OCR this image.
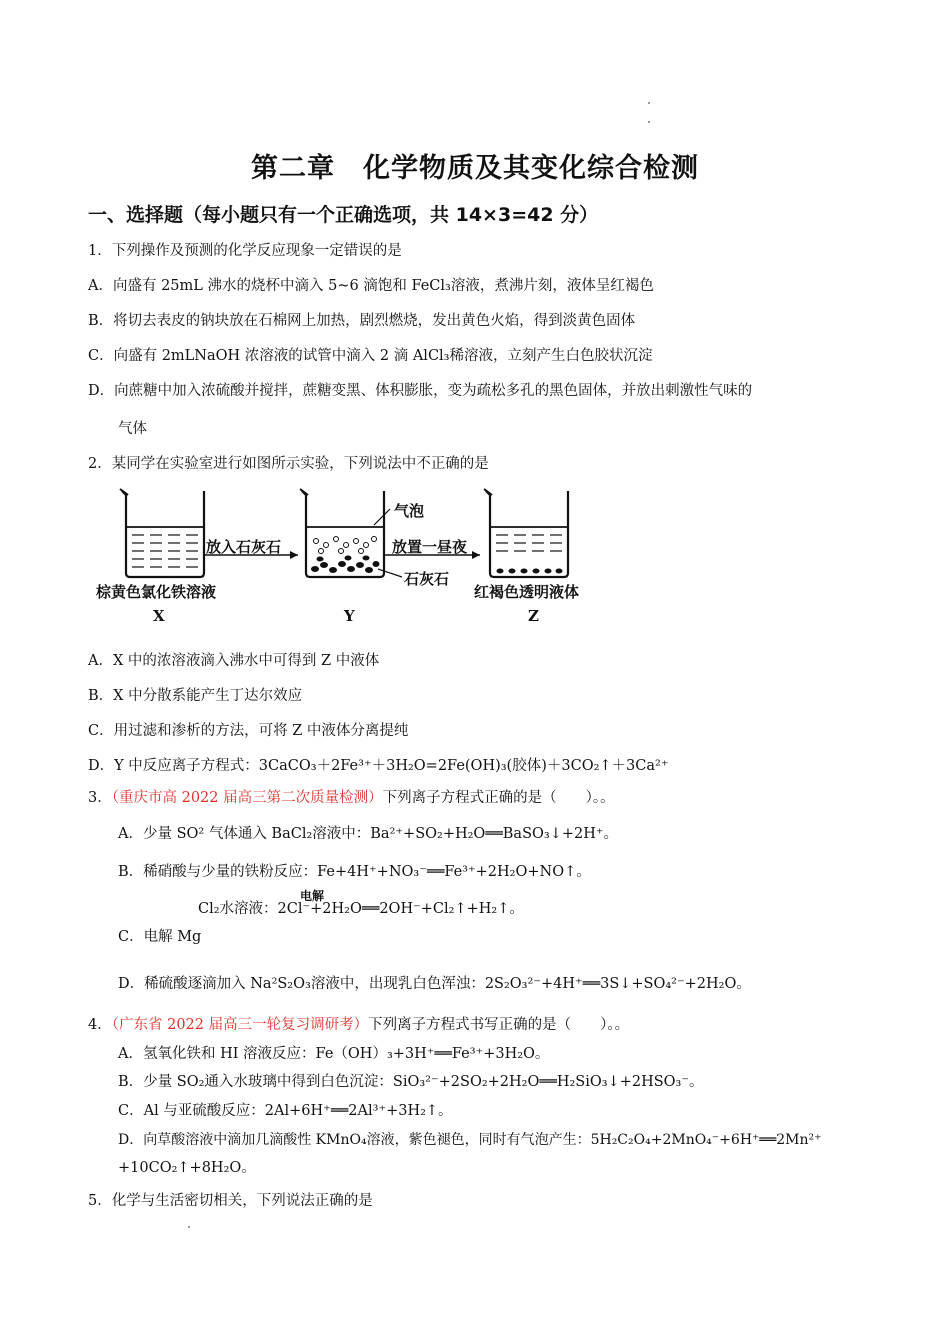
第二章　化学物质及其变化综合检测
一、选择题（每小题只有一个正确选项，共 14×3=42 分）
1．下列操作及预测的化学反应现象一定错误的是
A．向盛有 25mL 沸水的烧杯中滴入 5~6 滴饱和 FeCl₃溶液，煮沸片刻，液体呈红褐色
B．将切去表皮的钠块放在石棉网上加热，剧烈燃烧，发出黄色火焰，得到淡黄色固体
C．向盛有 2mLNaOH 浓溶液的试管中滴入 2 滴 AlCl₃稀溶液，立刻产生白色胶状沉淀
D．向蔗糖中加入浓硫酸并搅拌，蔗糖变黑、体积膨胀，变为疏松多孔的黑色固体，并放出刺激性气味的
气体
2．某同学在实验室进行如图所示实验，下列说法中不正确的是
放入石灰石	放置一昼夜
气泡
石灰石
棕黄色氯化铁溶液	红褐色透明液体
X	Y	Z
A．X 中的浓溶液滴入沸水中可得到 Z 中液体
B．X 中分散系能产生丁达尔效应
C．用过滤和渗析的方法，可将 Z 中液体分离提纯
D．Y 中反应离子方程式：3CaCO₃＋2Fe³⁺＋3H₂O=2Fe(OH)₃(胶体)＋3CO₂↑＋3Ca²⁺
3．（重庆市高 2022 届高三第二次质量检测）下列离子方程式正确的是（　　）。。
A．少量 SO² 气体通入 BaCl₂溶液中：Ba²⁺+SO₂+H₂O══BaSO₃↓+2H⁺。
B．稀硝酸与少量的铁粉反应：Fe+4H⁺+NO₃⁻══Fe³⁺+2H₂O+NO↑。
电解
Cl₂水溶液：2Cl⁻+2H₂O══2OH⁻+Cl₂↑+H₂↑。
C．电解 Mg
D．稀硫酸逐滴加入 Na²S₂O₃溶液中，出现乳白色浑浊：2S₂O₃²⁻+4H⁺══3S↓+SO₄²⁻+2H₂O。
4．（广东省 2022 届高三一轮复习调研考）下列离子方程式书写正确的是（　　）。。
A．氢氧化铁和 HI 溶液反应：Fe（OH）₃+3H⁺══Fe³⁺+3H₂O。
B．少量 SO₂通入水玻璃中得到白色沉淀：SiO₃²⁻+2SO₂+2H₂O══H₂SiO₃↓+2HSO₃⁻。
C．Al 与亚硫酸反应：2Al+6H⁺══2Al³⁺+3H₂↑。
D．向草酸溶液中滴加几滴酸性 KMnO₄溶液，紫色褪色，同时有气泡产生：5H₂C₂O₄+2MnO₄⁻+6H⁺══2Mn²⁺
+10CO₂↑+8H₂O。
5．化学与生活密切相关，下列说法正确的是
